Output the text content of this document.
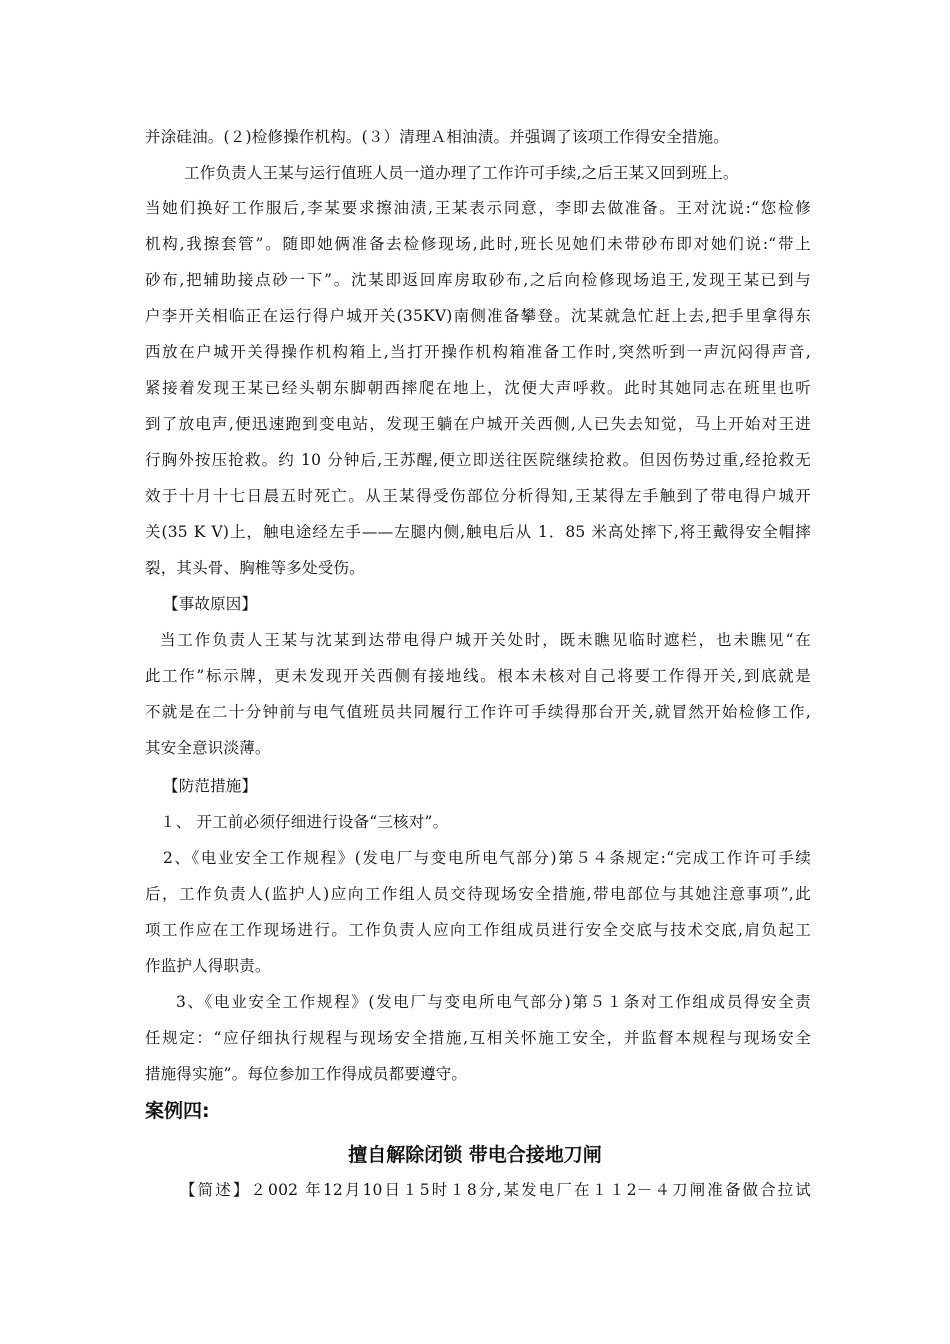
并涂硅油。(２)检修操作机构。(３）清理Ａ相油渍。并强调了该项工作得安全措施。
工作负责人王某与运行值班人员一道办理了工作许可手续,之后王某又回到班上。
当她们换好工作服后,李某要求擦油渍,王某表示同意，李即去做准备。王对沈说:“您检修
机构,我擦套管”。随即她俩准备去检修现场,此时,班长见她们未带砂布即对她们说:“带上
砂布,把辅助接点砂一下”。沈某即返回库房取砂布,之后向检修现场追王,发现王某已到与
户李开关相临正在运行得户城开关(35KV)南侧准备攀登。沈某就急忙赶上去,把手里拿得东
西放在户城开关得操作机构箱上,当打开操作机构箱准备工作时,突然听到一声沉闷得声音,
紧接着发现王某已经头朝东脚朝西摔爬在地上，沈便大声呼救。此时其她同志在班里也听
到了放电声,便迅速跑到变电站，发现王躺在户城开关西侧,人已失去知觉，马上开始对王进
行胸外按压抢救。约 10 分钟后,王苏醒,便立即送往医院继续抢救。但因伤势过重,经抢救无
效于十月十七日晨五时死亡。从王某得受伤部位分析得知,王某得左手触到了带电得户城开
关(35 K V)上，触电途经左手——左腿内侧,触电后从 1．85 米高处摔下,将王戴得安全帽摔
裂，其头骨、胸椎等多处受伤。
【事故原因】
当工作负责人王某与沈某到达带电得户城开关处时，既未瞧见临时遮栏，也未瞧见“在
此工作”标示牌，更未发现开关西侧有接地线。根本未核对自己将要工作得开关,到底就是
不就是在二十分钟前与电气值班员共同履行工作许可手续得那台开关,就冒然开始检修工作,
其安全意识淡薄。
【防范措施】
１、 开工前必须仔细进行设备“三核对”。
2、《电业安全工作规程》(发电厂与变电所电气部分)第５４条规定:“完成工作许可手续
后，工作负责人(监护人)应向工作组人员交待现场安全措施,带电部位与其她注意事项”,此
项工作应在工作现场进行。工作负责人应向工作组成员进行安全交底与技术交底,肩负起工
作监护人得职责。
3、《电业安全工作规程》(发电厂与变电所电气部分)第５１条对工作组成员得安全责
任规定：“应仔细执行规程与现场安全措施,互相关怀施工安全，并监督本规程与现场安全
措施得实施”。每位参加工作得成员都要遵守。
案例四:
擅自解除闭锁 带电合接地刀闸
【简述】２002 年12月10日１5时１8分,某发电厂在１１2－４刀闸准备做合拉试
